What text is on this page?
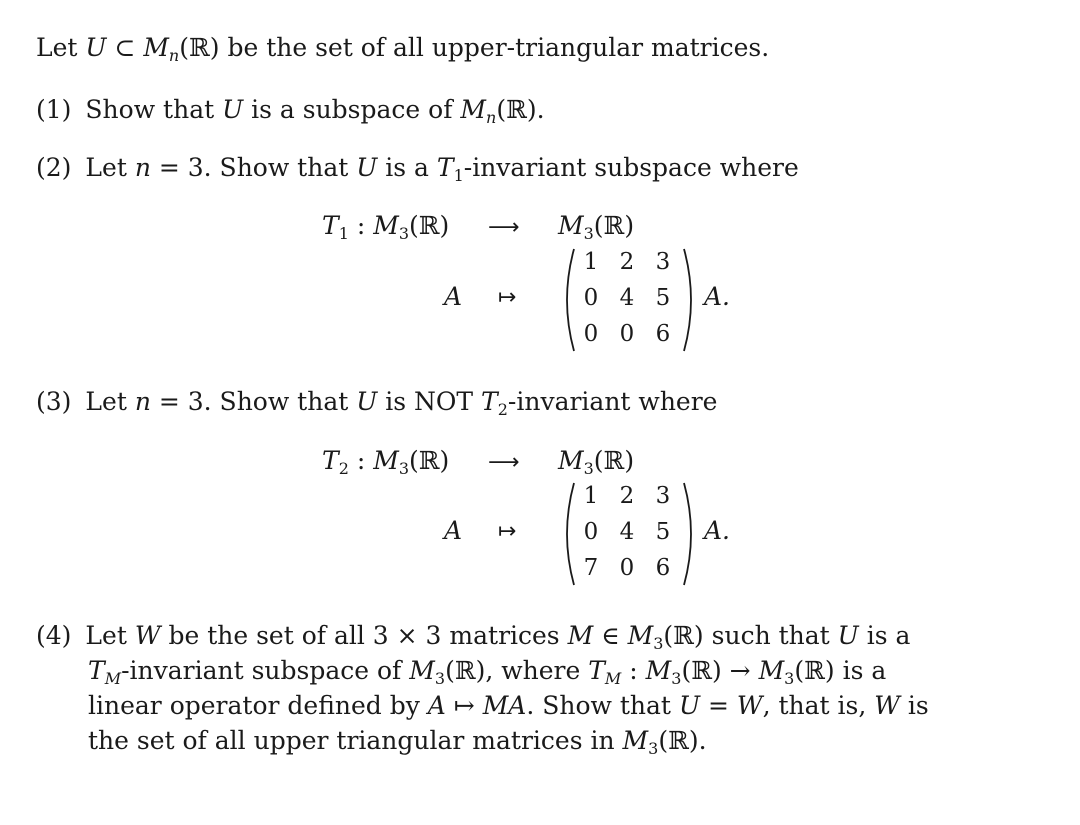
Let U ⊂ $M_n(ℝ)$ be the set of all upper-triangular matrices.
(1) Show that U is a subspace of $M_n(ℝ)$.
(2) Let n = 3. Show that U is a $T_1$-invariant subspace where
$T_1$ : $M_3(ℝ)$ ⟶ $M_3(ℝ)$
A ↦
1 2 3
0 4 5
0 0 6
A.
(3) Let n = 3. Show that U is NOT $T_2$-invariant where
$T_2$ : $M_3(ℝ)$ ⟶ $M_3(ℝ)$
A ↦
1 2 3
0 4 5
7 0 6
A.
(4) Let W be the set of all 3 × 3 matrices M ∈ $M_3(ℝ)$ such that U is a
$T_M$-invariant subspace of $M_3(ℝ)$, where $T_M$ : $M_3(ℝ)$ → $M_3(ℝ)$ is a
linear operator defined by A ↦ MA. Show that U = W, that is, W is
the set of all upper triangular matrices in $M_3(ℝ)$.
